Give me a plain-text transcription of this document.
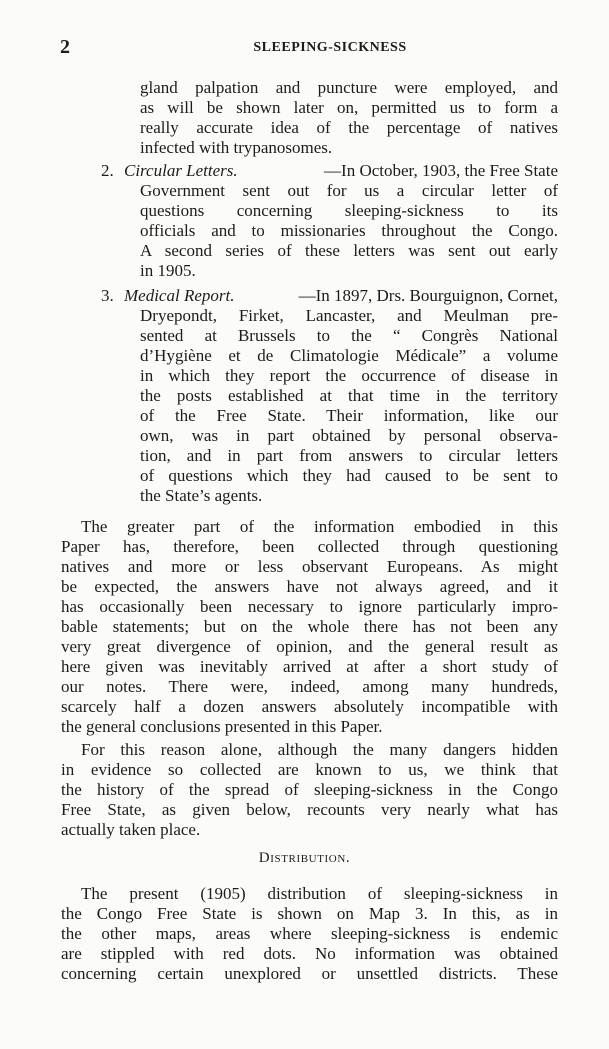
2	SLEEPING-SICKNESS
gland palpation and puncture were employed, and
as will be shown later on, permitted us to form a
really accurate idea of the percentage of natives
infected with trypanosomes.
2. Circular Letters.	—In October, 1903, the Free State
Government sent out for us a circular letter of
questions concerning sleeping-sickness to its
officials and to missionaries throughout the Congo.
A second series of these letters was sent out early
in 1905.
3. Medical Report.	—In 1897, Drs. Bourguignon, Cornet,
Dryepondt, Firket, Lancaster, and Meulman pre-
sented at Brussels to the “ Congrès National
d’Hygiène et de Climatologie Médicale” a volume
in which they report the occurrence of disease in
the posts established at that time in the territory
of the Free State. Their information, like our
own, was in part obtained by personal observa-
tion, and in part from answers to circular letters
of questions which they had caused to be sent to
the State’s agents.
The greater part of the information embodied in this
Paper has, therefore, been collected through questioning
natives and more or less observant Europeans. As might
be expected, the answers have not always agreed, and it
has occasionally been necessary to ignore particularly impro-
bable statements; but on the whole there has not been any
very great divergence of opinion, and the general result as
here given was inevitably arrived at after a short study of
our notes. There were, indeed, among many hundreds,
scarcely half a dozen answers absolutely incompatible with
the general conclusions presented in this Paper.
For this reason alone, although the many dangers hidden
in evidence so collected are known to us, we think that
the history of the spread of sleeping-sickness in the Congo
Free State, as given below, recounts very nearly what has
actually taken place.
Distribution.
The present (1905) distribution of sleeping-sickness in
the Congo Free State is shown on Map 3. In this, as in
the other maps, areas where sleeping-sickness is endemic
are stippled with red dots. No information was obtained
concerning certain unexplored or unsettled districts. These
